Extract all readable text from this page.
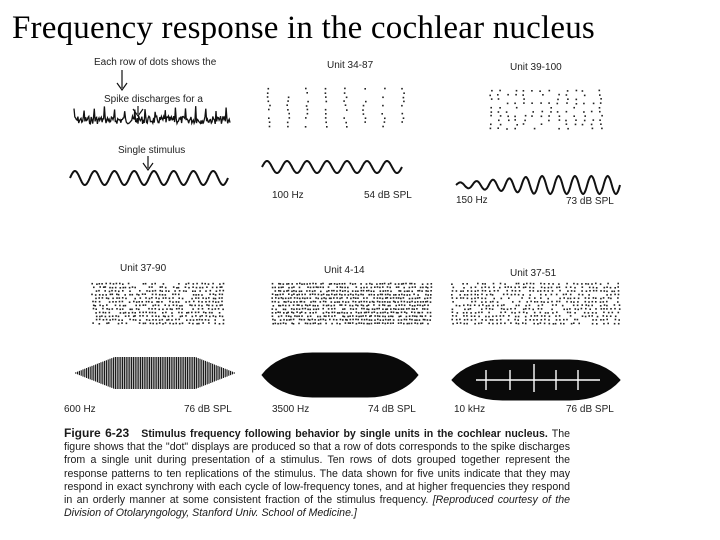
Frequency response in the cochlear nucleus
Each row of dots shows the
Spike discharges for a
Single stimulus
Unit 34-87
100 Hz	54 dB SPL
Unit 39-100
150 Hz	73 dB SPL
Unit 37-90
600 Hz	76 dB SPL
Unit 4-14
3500 Hz	74 dB SPL
Unit 37-51
10 kHz	76 dB SPL
Figure 6-23 Stimulus frequency following behavior by single units in the cochlear nucleus. The figure shows that the "dot" displays are produced so that a row of dots corresponds to the spike discharges from a single unit during presentation of a stimulus. Ten rows of dots grouped together represent the response patterns to ten replications of the stimulus. The data shown for five units indicate that they may respond in exact synchrony with each cycle of low-frequency tones, and at higher frequencies they respond in an orderly manner at some consistent fraction of the stimulus frequency. [Reproduced courtesy of the Division of Otolaryngology, Stanford Univ. School of Medicine.]
